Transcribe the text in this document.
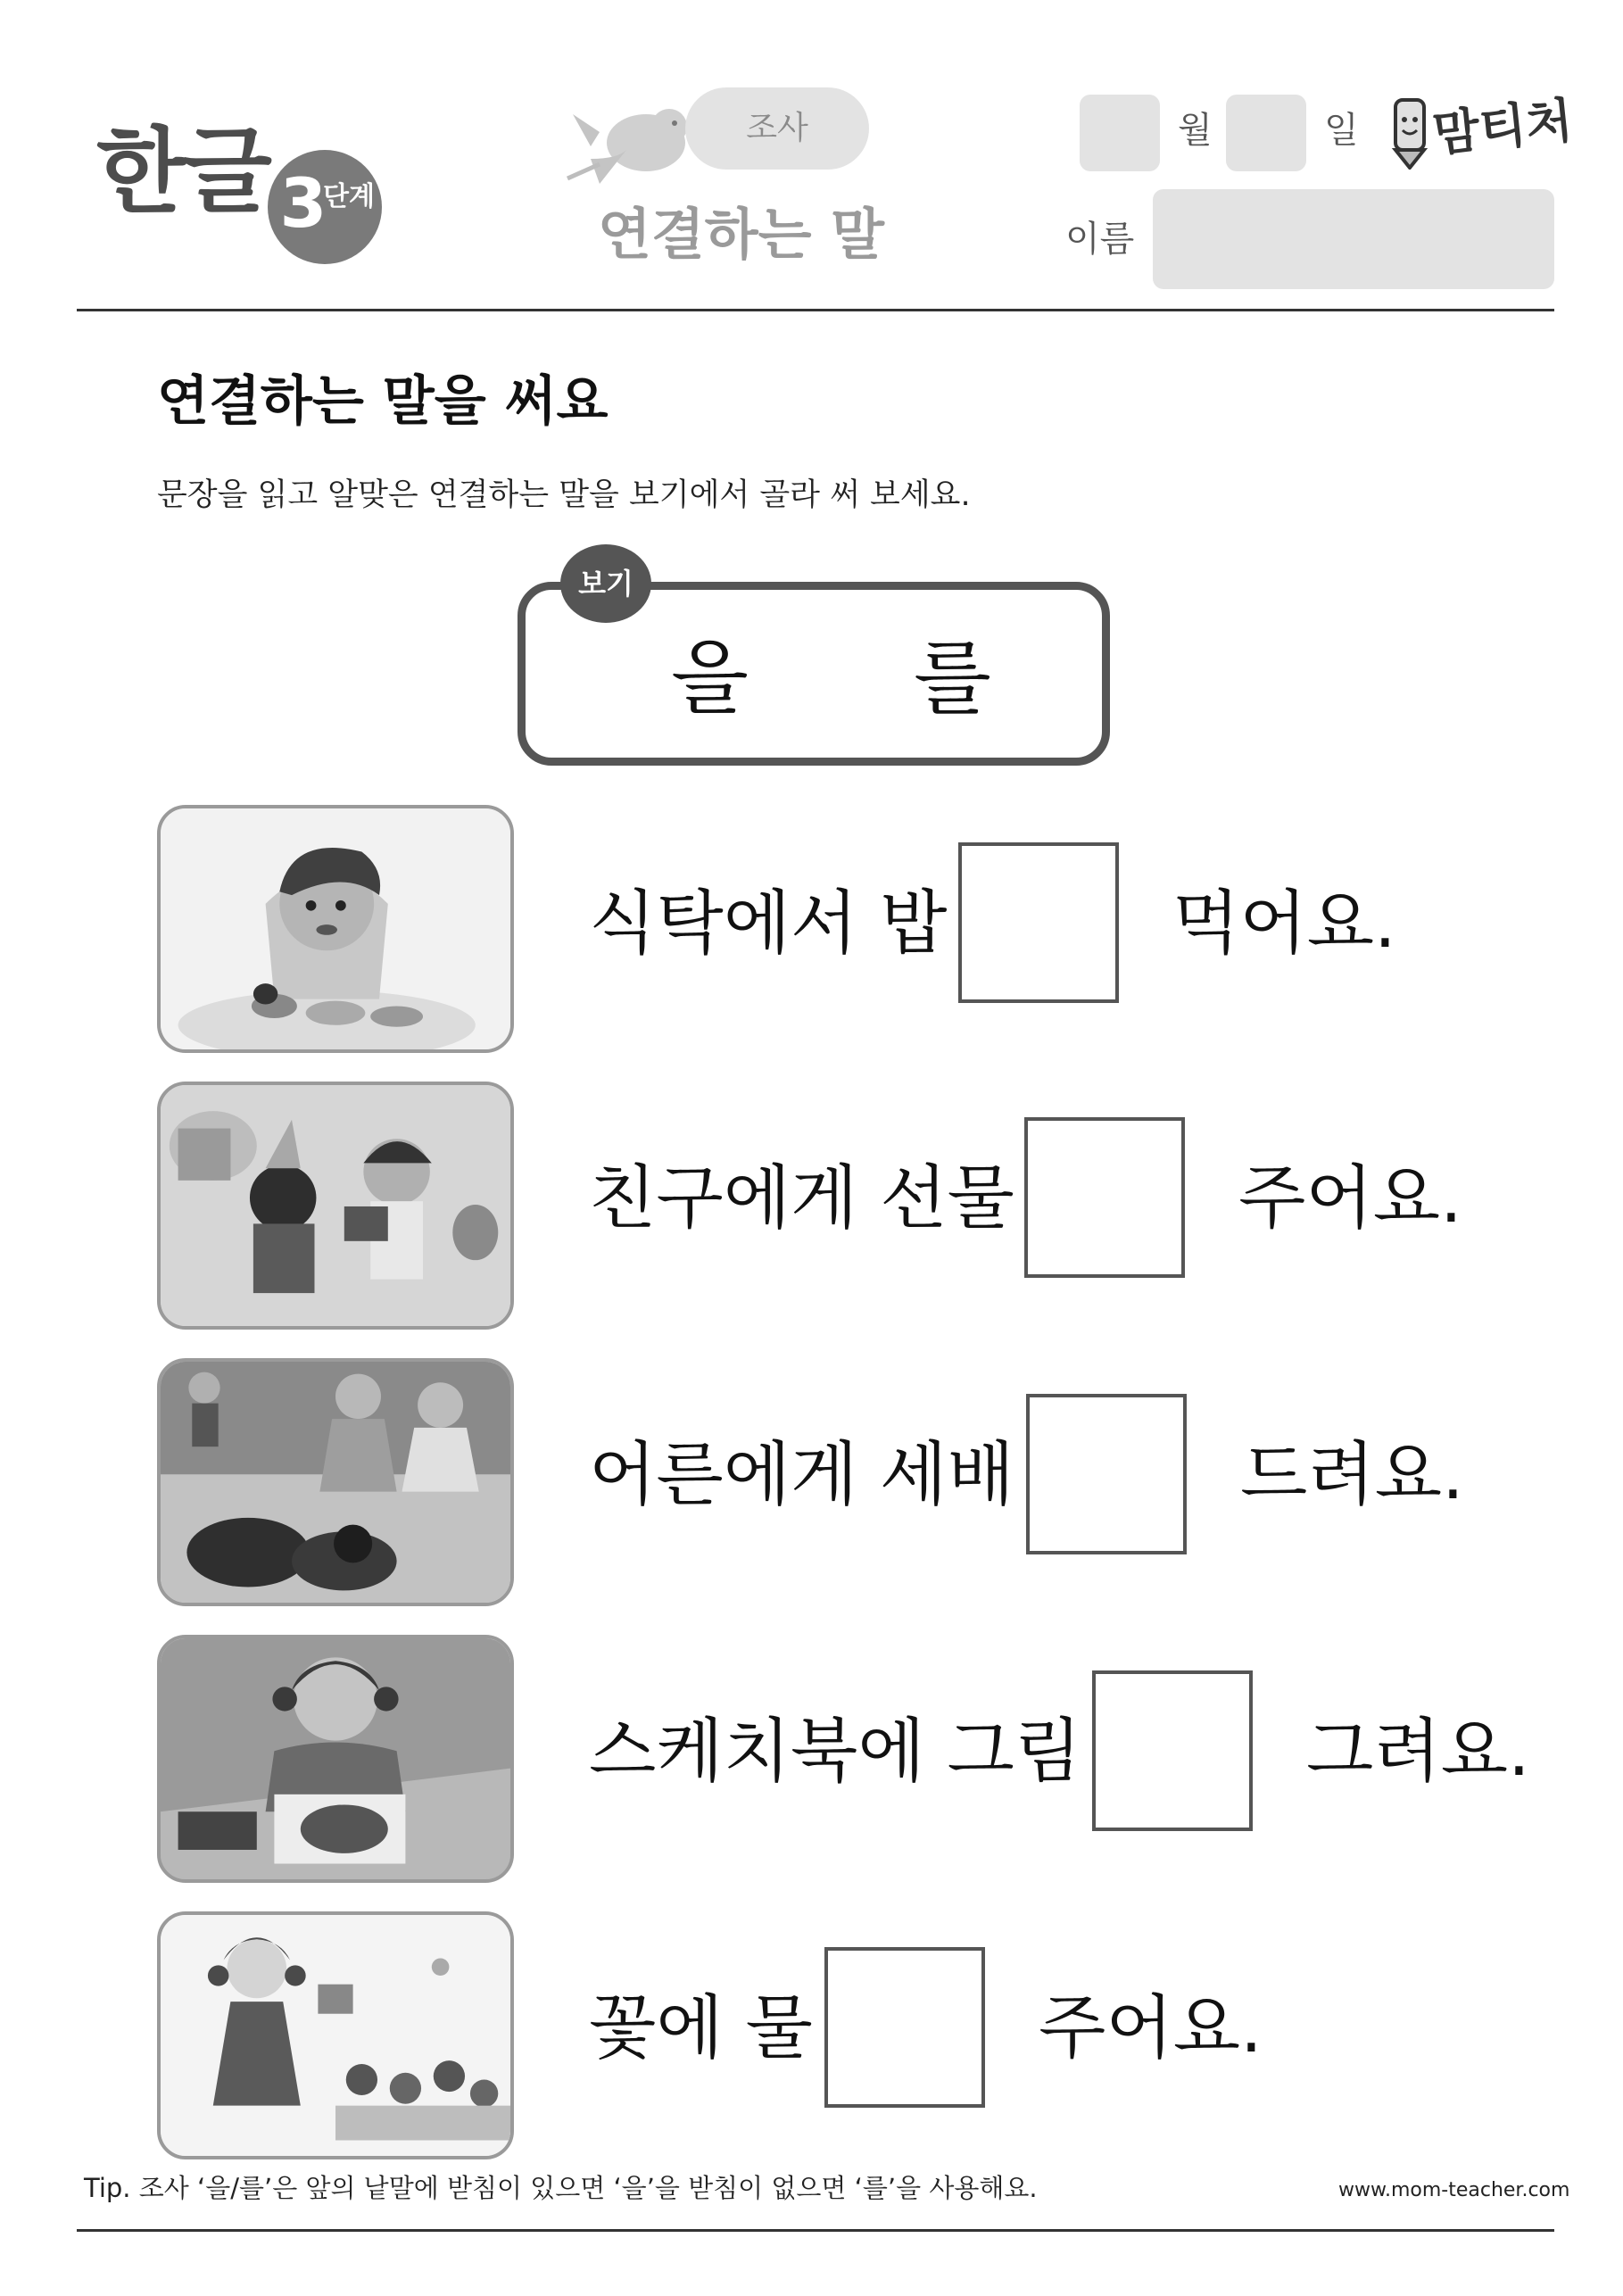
한글 3
단계
조사
연결하는 말
월	일 맘티처
이름
연결하는 말을 써요
문장을 읽고 알맞은 연결하는 말을 보기에서 골라 써 보세요.
보기
을 를
식탁에서 밥	먹어요.
친구에게 선물	주어요.
어른에게 세배	드려요.
스케치북에 그림	그려요.
꽃에 물	주어요.
Tip. 조사 ‘을/를’은 앞의 낱말에 받침이 있으면 ‘을’을 받침이 없으면 ‘를’을 사용해요.	www.mom-teacher.com
